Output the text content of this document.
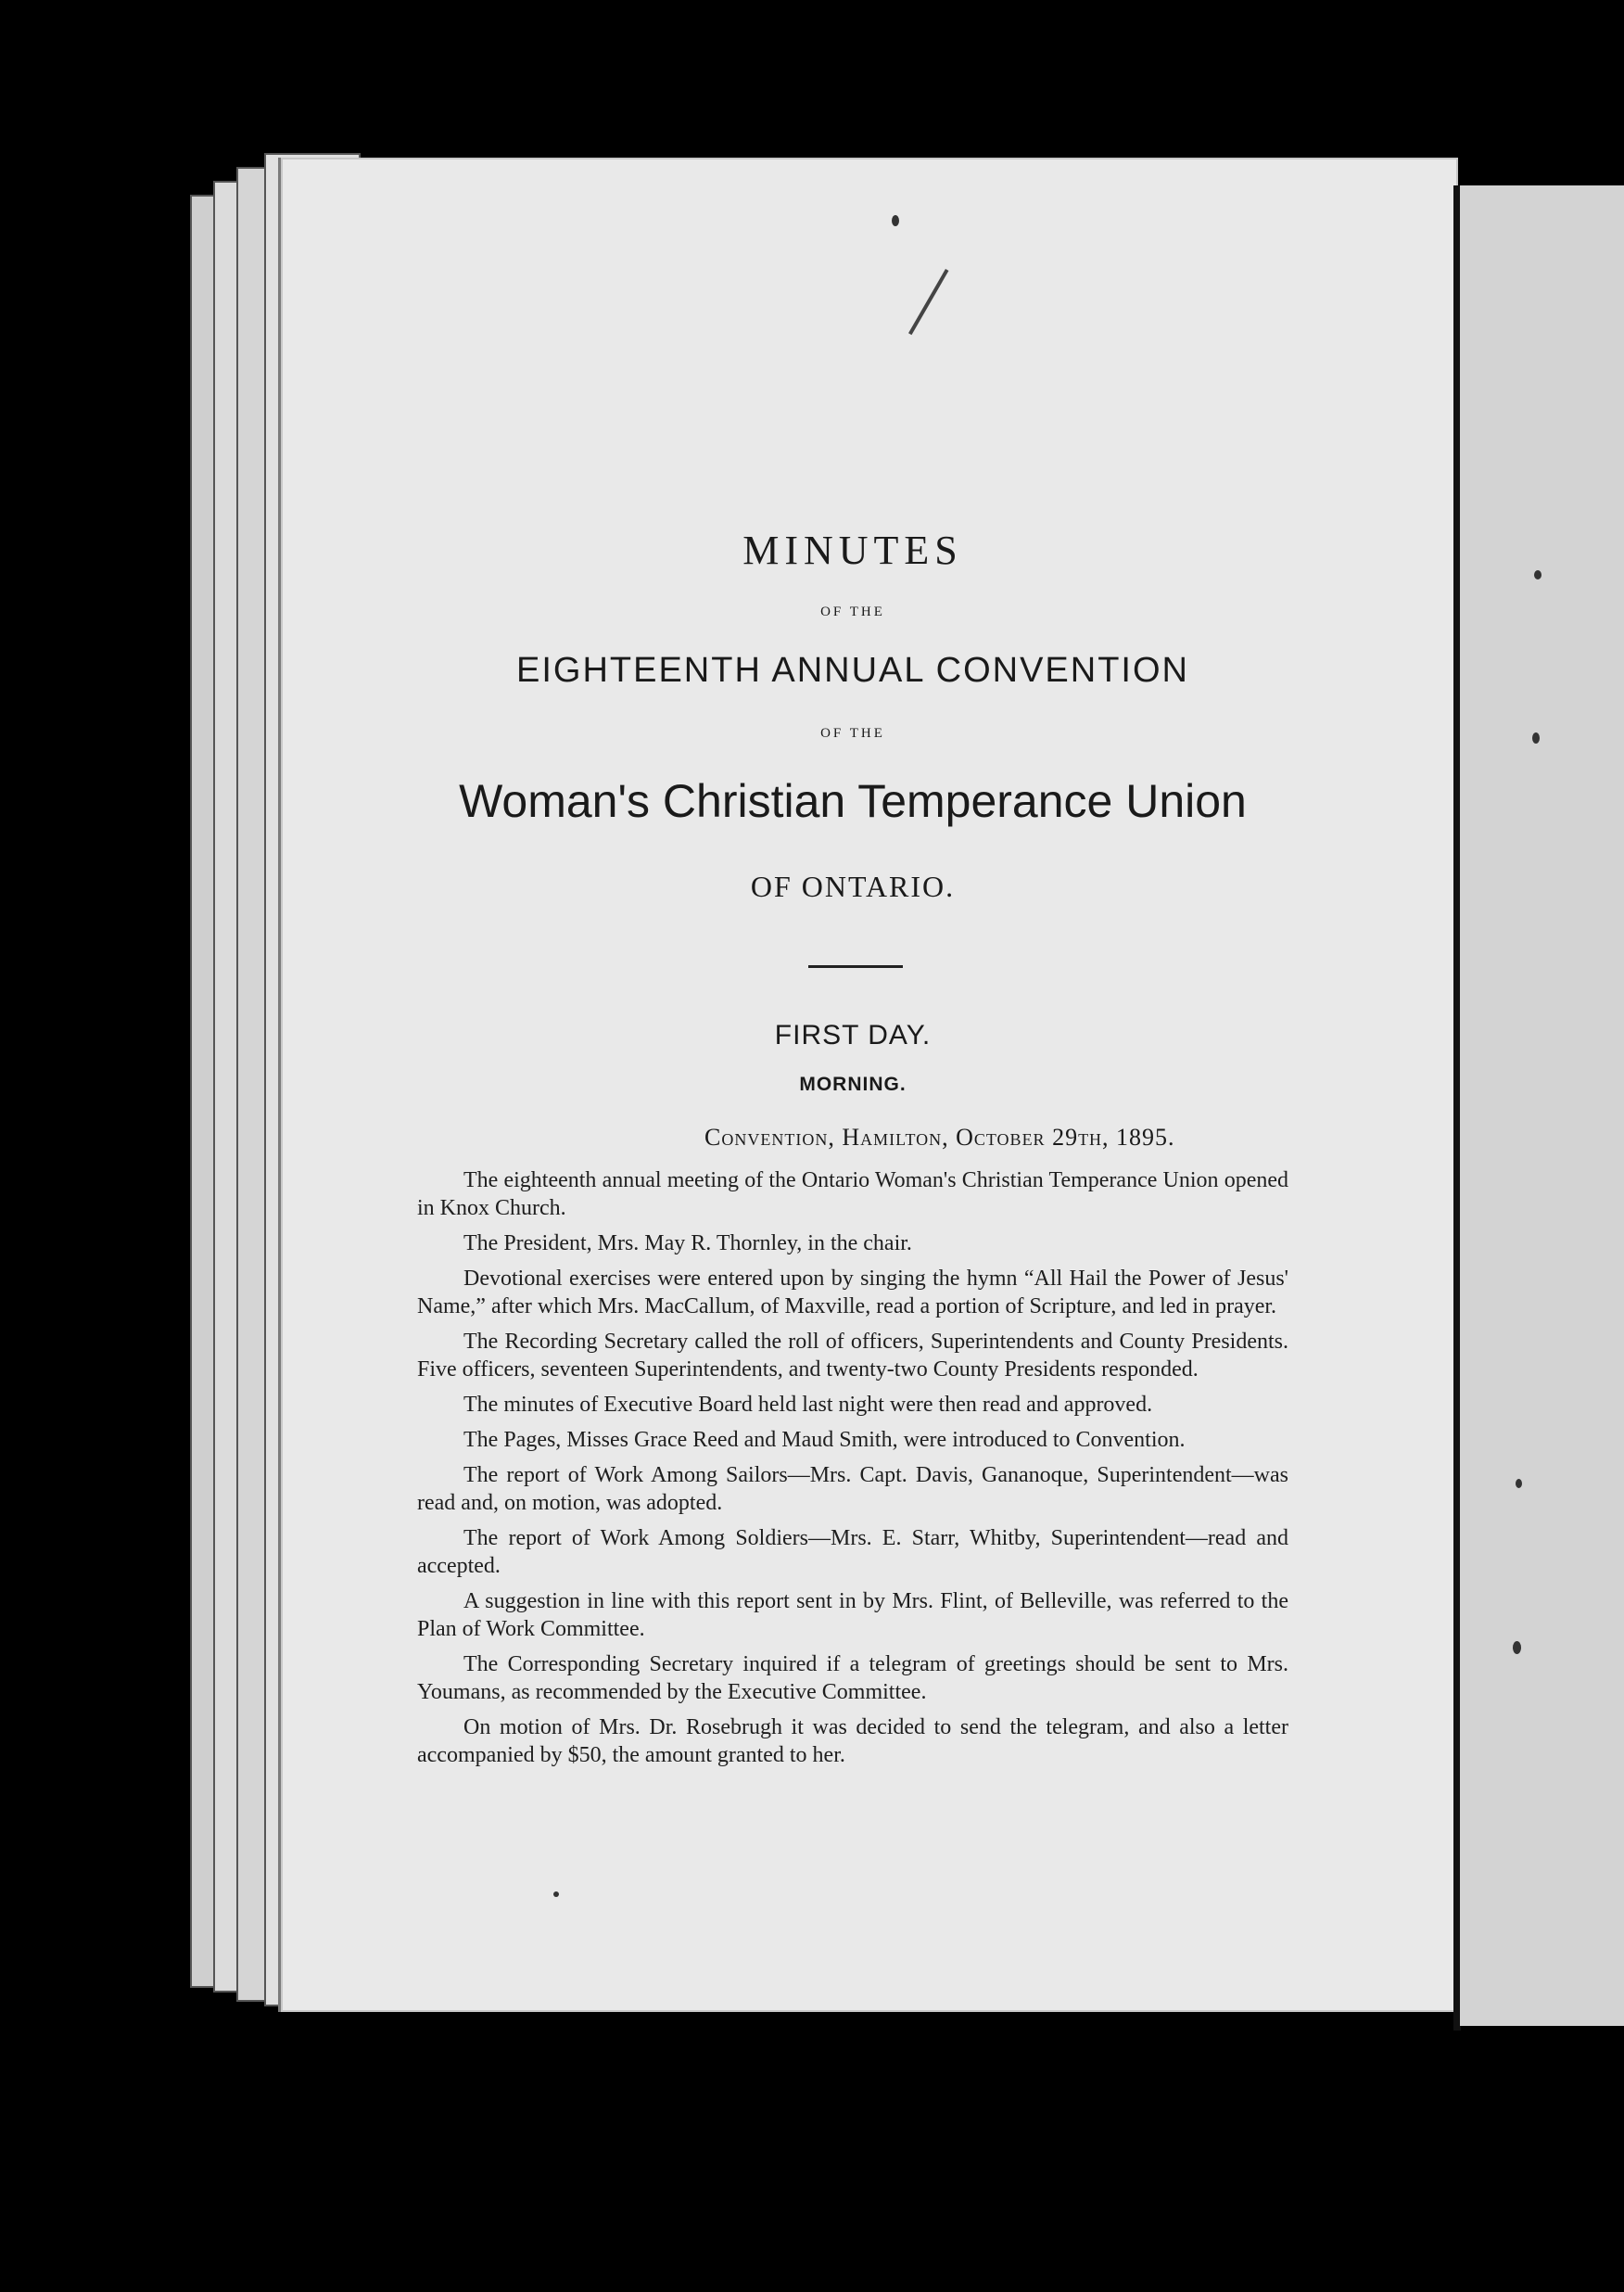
MINUTES
OF THE
EIGHTEENTH ANNUAL CONVENTION
OF THE
Woman's Christian Temperance Union
OF ONTARIO.
FIRST DAY.
MORNING.
Convention, Hamilton, October 29th, 1895.

The eighteenth annual meeting of the Ontario Woman's Christian Temperance Union opened in Knox Church.

The President, Mrs. May R. Thornley, in the chair.

Devotional exercises were entered upon by singing the hymn “All Hail the Power of Jesus' Name,” after which Mrs. MacCallum, of Maxville, read a portion of Scripture, and led in prayer.

The Recording Secretary called the roll of officers, Superintendents and County Presidents. Five officers, seventeen Superintendents, and twenty-two County Presidents responded.

The minutes of Executive Board held last night were then read and approved.

The Pages, Misses Grace Reed and Maud Smith, were introduced to Convention.

The report of Work Among Sailors—Mrs. Capt. Davis, Gananoque, Superintendent—was read and, on motion, was adopted.

The report of Work Among Soldiers—Mrs. E. Starr, Whitby, Superintendent—read and accepted.

A suggestion in line with this report sent in by Mrs. Flint, of Belleville, was referred to the Plan of Work Committee.

The Corresponding Secretary inquired if a telegram of greetings should be sent to Mrs. Youmans, as recommended by the Executive Committee.

On motion of Mrs. Dr. Rosebrugh it was decided to send the telegram, and also a letter accompanied by $50, the amount granted to her.
